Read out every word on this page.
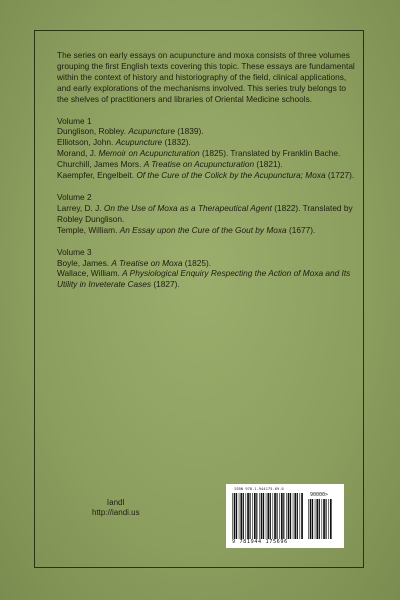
The series on early essays on acupuncture and moxa consists of three volumes grouping the first English texts covering this topic. These essays are fundamental within the context of history and historiography of the field, clinical applications, and early explorations of the mechanisms involved. This series truly belongs to the shelves of practitioners and libraries of Oriental Medicine schools.

Volume 1

Dunglison, Robley. Acupuncture (1839).

Elliotson, John. Acupuncture (1832).

Morand, J. Memoir on Acupuncturation (1825). Translated by Franklin Bache.

Churchill, James Mors. A Treatise on Acupuncturation (1821).

Kaempfer, Engelbeit. Of the Cure of the Colick by the Acupunctura; Moxa (1727).

Volume 2

Larrey, D. J. On the Use of Moxa as a Therapeutical Agent (1822). Translated by Robley Dunglison.

Temple, William. An Essay upon the Cure of the Gout by Moxa (1677).

Volume 3

Boyle, James. A Treatise on Moxa (1825).

Wallace, William. A Physiological Enquiry Respecting the Action of Moxa and Its Utility in Inveterate Cases (1827).

IandI
http://iandi.us
ISBN 978-1-944175-69-6
90000>
9 781944 175696
